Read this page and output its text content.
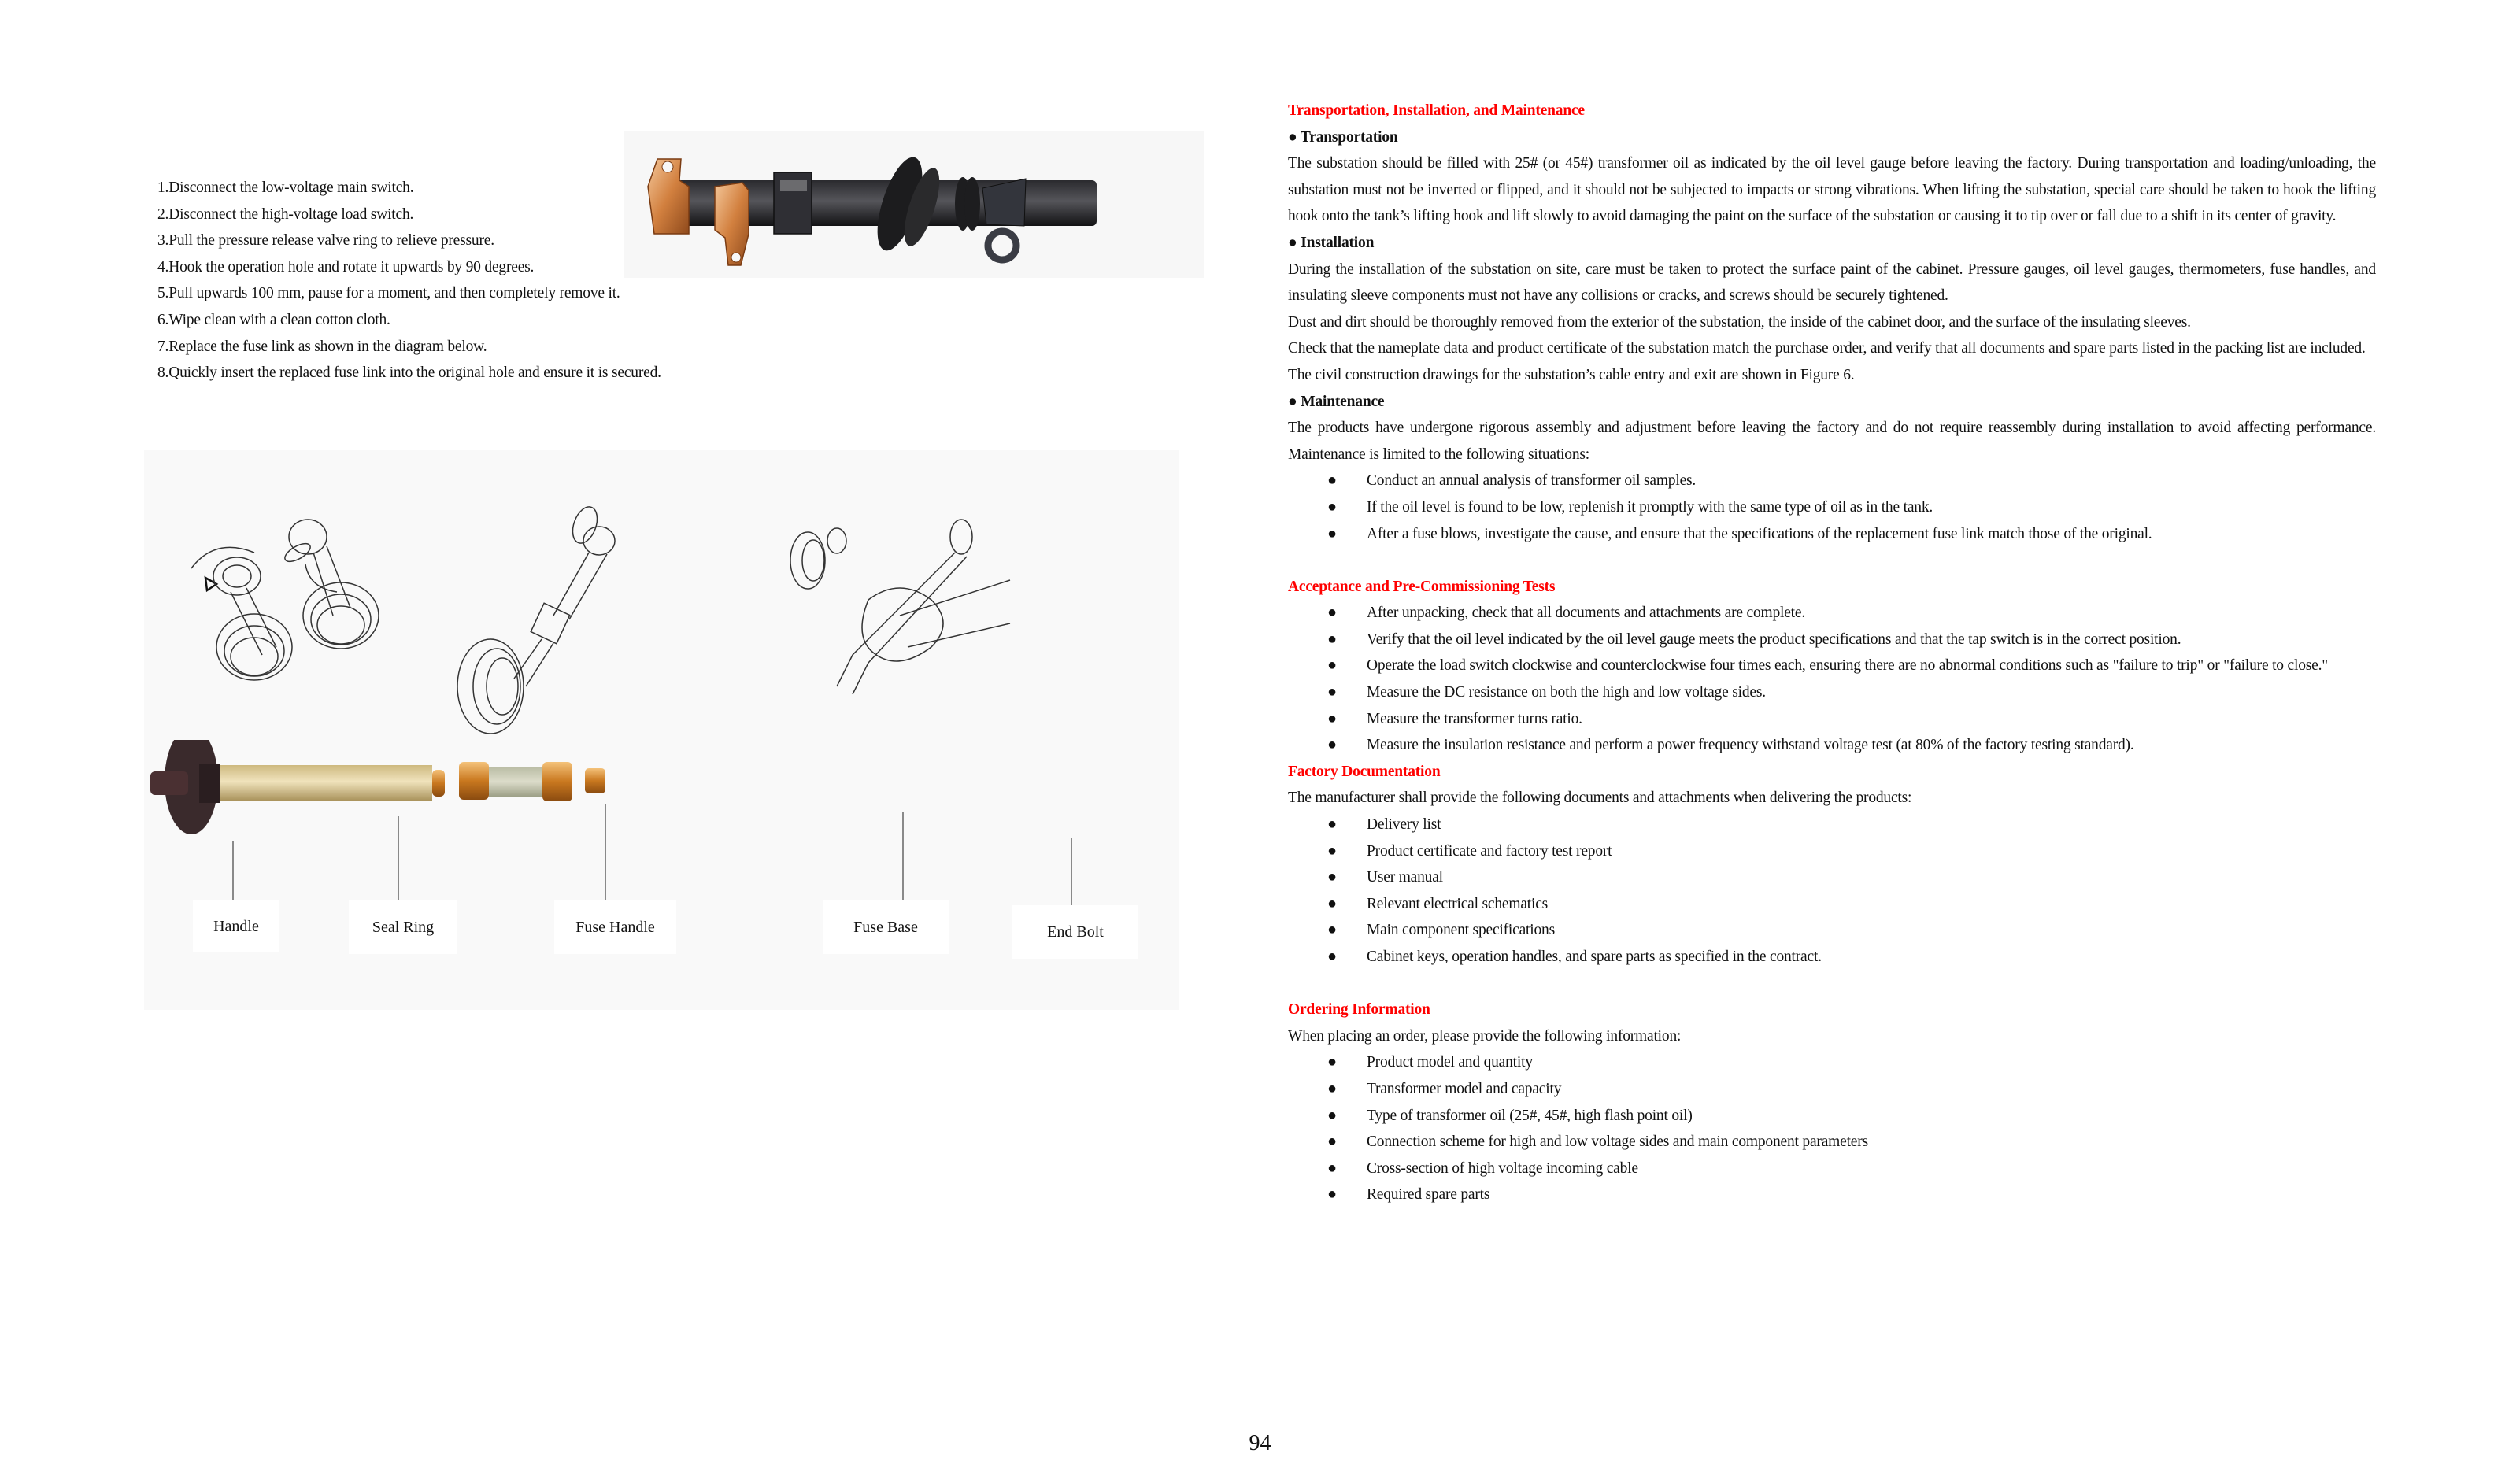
1.Disconnect the low-voltage main switch.
2.Disconnect the high-voltage load switch.
3.Pull the pressure release valve ring to relieve pressure.
4.Hook the operation hole and rotate it upwards by 90 degrees.
5.Pull upwards 100 mm, pause for a moment, and then completely remove it.
6.Wipe clean with a clean cotton cloth.
7.Replace the fuse link as shown in the diagram below.
8.Quickly insert the replaced fuse link into the original hole and ensure it is secured.
Handle	Seal Ring	Fuse Handle	Fuse Base	End Bolt
Transportation, Installation, and Maintenance
● Transportation

The substation should be filled with 25# (or 45#) transformer oil as indicated by the oil level gauge before leaving the factory. During transportation and loading/unloading, the substation must not be inverted or flipped, and it should not be subjected to impacts or strong vibrations. When lifting the substation, special care should be taken to hook the lifting hook onto the tank’s lifting hook and lift slowly to avoid damaging the paint on the surface of the substation or causing it to tip over or fall due to a shift in its center of gravity.

● Installation

During the installation of the substation on site, care must be taken to protect the surface paint of the cabinet. Pressure gauges, oil level gauges, thermometers, fuse handles, and insulating sleeve components must not have any collisions or cracks, and screws should be securely tightened.

Dust and dirt should be thoroughly removed from the exterior of the substation, the inside of the cabinet door, and the surface of the insulating sleeves.

Check that the nameplate data and product certificate of the substation match the purchase order, and verify that all documents and spare parts listed in the packing list are included.

The civil construction drawings for the substation’s cable entry and exit are shown in Figure 6.

● Maintenance

The products have undergone rigorous assembly and adjustment before leaving the factory and do not require reassembly during installation to avoid affecting performance. Maintenance is limited to the following situations:

● Conduct an annual analysis of transformer oil samples.
● If the oil level is found to be low, replenish it promptly with the same type of oil as in the tank.
● After a fuse blows, investigate the cause, and ensure that the specifications of the replacement fuse link match those of the original.
Acceptance and Pre-Commissioning Tests
● After unpacking, check that all documents and attachments are complete.
● Verify that the oil level indicated by the oil level gauge meets the product specifications and that the tap switch is in the correct position.
● Operate the load switch clockwise and counterclockwise four times each, ensuring there are no abnormal conditions such as "failure to trip" or "failure to close."
● Measure the DC resistance on both the high and low voltage sides.
● Measure the transformer turns ratio.
● Measure the insulation resistance and perform a power frequency withstand voltage test (at 80% of the factory testing standard).
Factory Documentation

The manufacturer shall provide the following documents and attachments when delivering the products:

● Delivery list
● Product certificate and factory test report
● User manual
● Relevant electrical schematics
● Main component specifications
● Cabinet keys, operation handles, and spare parts as specified in the contract.
Ordering Information

When placing an order, please provide the following information:

● Product model and quantity
● Transformer model and capacity
● Type of transformer oil (25#, 45#, high flash point oil)
● Connection scheme for high and low voltage sides and main component parameters
● Cross-section of high voltage incoming cable
● Required spare parts
94
